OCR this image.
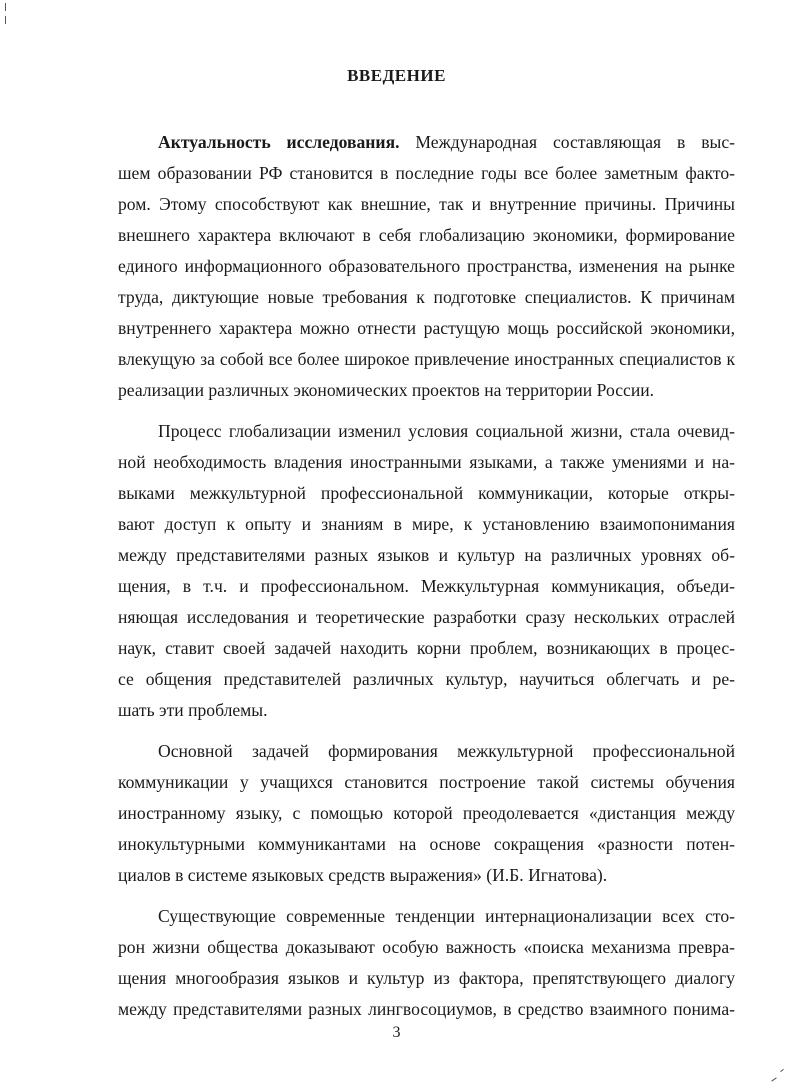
ВВЕДЕНИЕ
Актуальность исследования. Международная составляющая в выс-
шем образовании РФ становится в последние годы все более заметным факто-
ром. Этому способствуют как внешние, так и внутренние причины. Причины
внешнего характера включают в себя глобализацию экономики, формирование
единого информационного образовательного пространства, изменения на рынке
труда, диктующие новые требования к подготовке специалистов. К причинам
внутреннего характера можно отнести растущую мощь российской экономики,
влекущую за собой все более широкое привлечение иностранных специалистов к
реализации различных экономических проектов на территории России.
Процесс глобализации изменил условия социальной жизни, стала очевид-
ной необходимость владения иностранными языками, а также умениями и на-
выками межкультурной профессиональной коммуникации, которые откры-
вают доступ к опыту и знаниям в мире, к установлению взаимопонимания
между представителями разных языков и культур на различных уровнях об-
щения, в т.ч. и профессиональном. Межкультурная коммуникация, объеди-
няющая исследования и теоретические разработки сразу нескольких отраслей
наук, ставит своей задачей находить корни проблем, возникающих в процес-
се общения представителей различных культур, научиться облегчать и ре-
шать эти проблемы.
Основной задачей формирования межкультурной профессиональной
коммуникации у учащихся становится построение такой системы обучения
иностранному языку, с помощью которой преодолевается «дистанция между
инокультурными коммуникантами на основе сокращения «разности потен-
циалов в системе языковых средств выражения» (И.Б. Игнатова).
Существующие современные тенденции интернационализации всех сто-
рон жизни общества доказывают особую важность «поиска механизма превра-
щения многообразия языков и культур из фактора, препятствующего диалогу
между представителями разных лингвосоциумов, в средство взаимного понима-
3
